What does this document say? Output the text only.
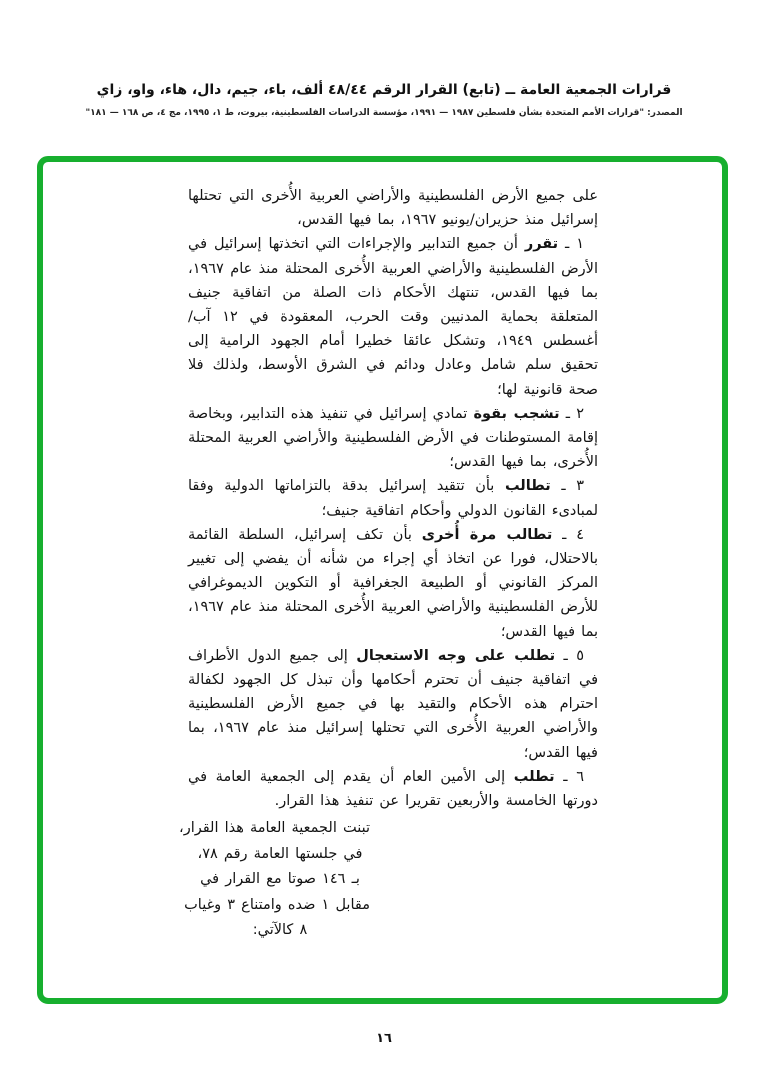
قرارات الجمعية العامة ــ (تابع) القرار الرقم ٤٨/٤٤ ألف، باء، جيم، دال، هاء، واو، زاي
المصدر: "قرارات الأمم المتحدة بشأن فلسطين ١٩٨٧ — ١٩٩١، مؤسسة الدراسات الفلسطينية، بيروت، ط ١، ١٩٩٥، مج ٤، ص ١٦٨ — ١٨١"

على جميع الأرض الفلسطينية والأراضي العربية الأُخرى التي تحتلها إسرائيل منذ حزيران/يونيو ١٩٦٧، بما فيها القدس،

١ ـ تقرر أن جميع التدابير والإجراءات التي اتخذتها إسرائيل في الأرض الفلسطينية والأراضي العربية الأُخرى المحتلة منذ عام ١٩٦٧، بما فيها القدس، تنتهك الأحكام ذات الصلة من اتفاقية جنيف المتعلقة بحماية المدنيين وقت الحرب، المعقودة في ١٢ آب/أغسطس ١٩٤٩، وتشكل عائقا خطيرا أمام الجهود الرامية إلى تحقيق سلم شامل وعادل ودائم في الشرق الأوسط، ولذلك فلا صحة قانونية لها؛

٢ ـ تشجب بقوة تمادي إسرائيل في تنفيذ هذه التدابير، وبخاصة إقامة المستوطنات في الأرض الفلسطينية والأراضي العربية المحتلة الأُخرى، بما فيها القدس؛

٣ ـ تطالب بأن تتقيد إسرائيل بدقة بالتزاماتها الدولية وفقا لمبادىء القانون الدولي وأحكام اتفاقية جنيف؛

٤ ـ تطالب مرة أُخرى بأن تكف إسرائيل، السلطة القائمة بالاحتلال، فورا عن اتخاذ أي إجراء من شأنه أن يفضي إلى تغيير المركز القانوني أو الطبيعة الجغرافية أو التكوين الديموغرافي للأرض الفلسطينية والأراضي العربية الأُخرى المحتلة منذ عام ١٩٦٧، بما فيها القدس؛

٥ ـ تطلب على وجه الاستعجال إلى جميع الدول الأطراف في اتفاقية جنيف أن تحترم أحكامها وأن تبذل كل الجهود لكفالة احترام هذه الأحكام والتقيد بها في جميع الأرض الفلسطينية والأراضي العربية الأُخرى التي تحتلها إسرائيل منذ عام ١٩٦٧، بما فيها القدس؛

٦ ـ تطلب إلى الأمين العام أن يقدم إلى الجمعية العامة في دورتها الخامسة والأربعين تقريرا عن تنفيذ هذا القرار.

تبنت الجمعية العامة هذا القرار،
في جلستها العامة رقم ٧٨،
بـ ١٤٦ صوتا مع القرار في
مقابل ١ ضده وامتناع ٣ وغياب
٨ كالآتي:
١٦
